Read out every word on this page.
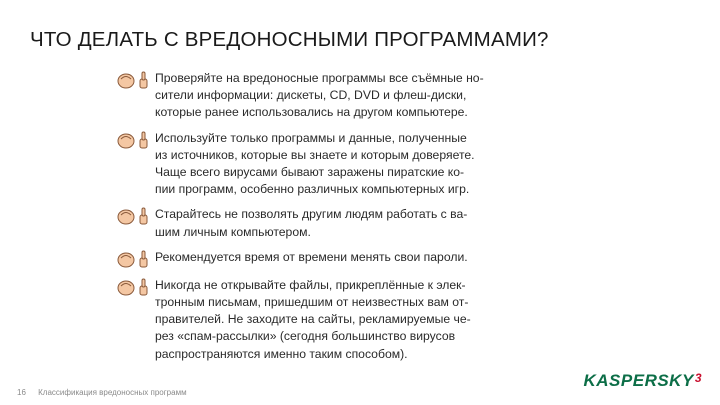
ЧТО ДЕЛАТЬ С ВРЕДОНОСНЫМИ ПРОГРАММАМИ?
Проверяйте на вредоносные программы все съёмные но-
сители информации: дискеты, CD, DVD и флеш-диски,
которые ранее использовались на другом компьютере.
Используйте только программы и данные, полученные
из источников, которые вы знаете и которым доверяете.
Чаще всего вирусами бывают заражены пиратские ко-
пии программ, особенно различных компьютерных игр.
Старайтесь не позволять другим людям работать с ва-
шим личным компьютером.
Рекомендуется время от времени менять свои пароли.
Никогда не открывайте файлы, прикреплённые к элек-
тронным письмам, пришедшим от неизвестных вам от-
правителей. Не заходите на сайты, рекламируемые че-
рез «спам-рассылки» (сегодня большинство вирусов
распространяются именно таким способом).
16 Классификация вредоносных программ
KASPERSKY3
